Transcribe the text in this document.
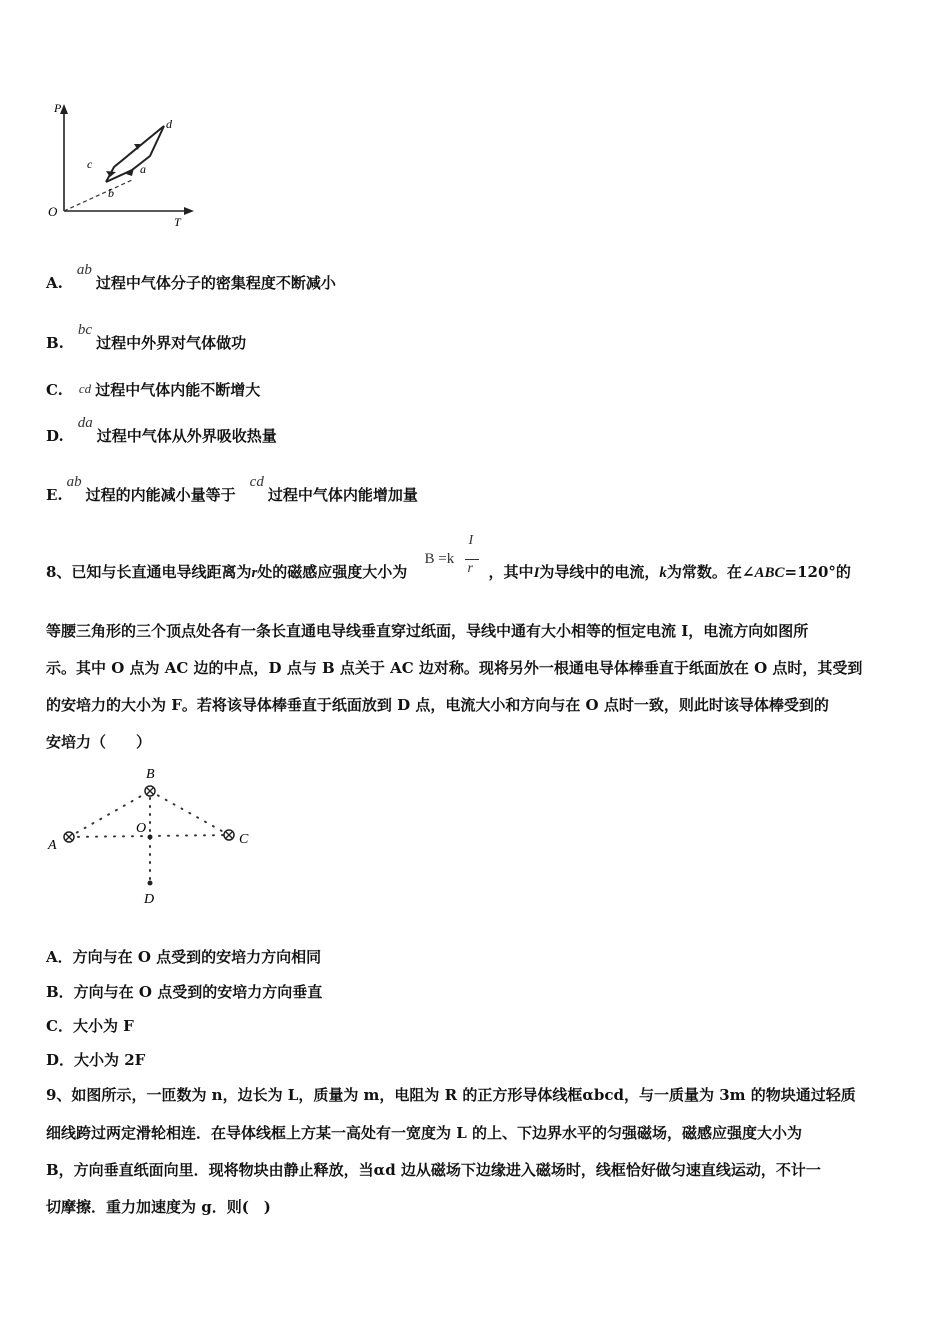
P
T
O
c
d
a
b
A.ab过程中气体分子的密集程度不断减小
B.bc过程中外界对气体做功
C. cd 过程中气体内能不断增大
D.da过程中气体从外界吸收热量
E.ab过程的内能减小量等于cd过程中气体内能增加量
8、已知与长直通电导线距离为r处的磁感应强度大小为
B =k
I
r ，其中I为导线中的电流，k为常数。在∠ABC=120°的
等腰三角形的三个顶点处各有一条长直通电导线垂直穿过纸面，导线中通有大小相等的恒定电流 I，电流方向如图所
示。其中 O 点为 AC 边的中点，D 点与 B 点关于 AC 边对称。现将另外一根通电导体棒垂直于纸面放在 O 点时，其受到
的安培力的大小为 F。若将该导体棒垂直于纸面放到 D 点，电流大小和方向与在 O 点时一致，则此时该导体棒受到的
安培力（　　）
B
A	C
O
D
A．方向与在 O 点受到的安培力方向相同
B．方向与在 O 点受到的安培力方向垂直
C．大小为 F
D．大小为 2F
9、如图所示，一匝数为 n，边长为 L，质量为 m，电阻为 R 的正方形导体线框αbcd，与一质量为 3m 的物块通过轻质
细线跨过两定滑轮相连．在导体线框上方某一高处有一宽度为 L 的上、下边界水平的匀强磁场，磁感应强度大小为
B，方向垂直纸面向里．现将物块由静止释放，当αd 边从磁场下边缘进入磁场时，线框恰好做匀速直线运动，不计一
切摩擦．重力加速度为 g．则(　)
